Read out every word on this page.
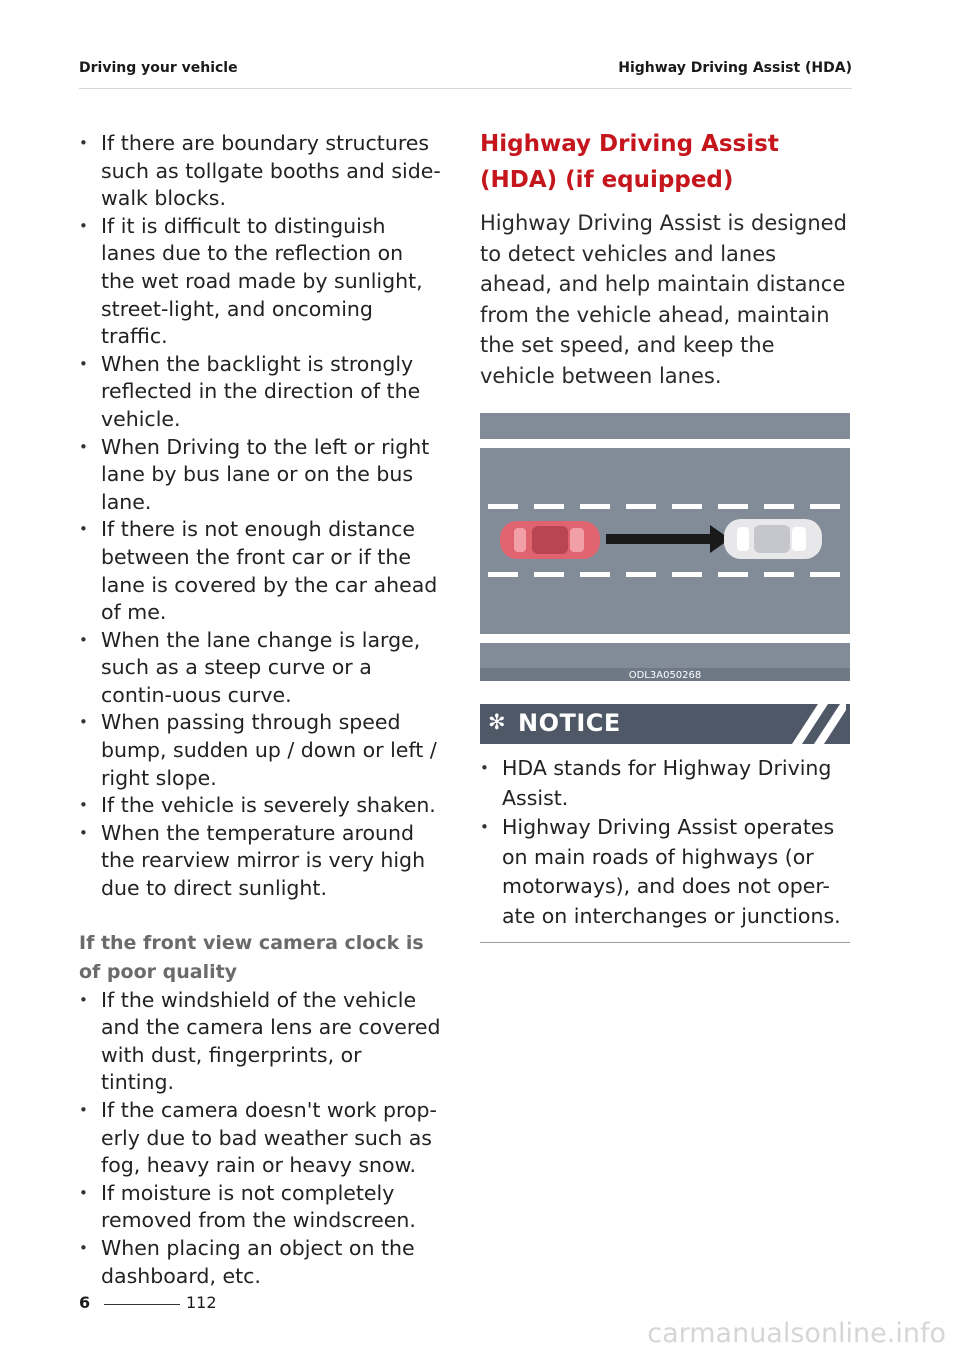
Driving your vehicle	Highway Driving Assist (HDA)
• If there are boundary structures such as tollgate booths and side-walk blocks.
• If it is difficult to distinguish lanes due to the reflection on the wet road made by sunlight, street-light, and oncoming traffic.
• When the backlight is strongly reflected in the direction of the vehicle.
• When Driving to the left or right lane by bus lane or on the bus lane.
• If there is not enough distance between the front car or if the lane is covered by the car ahead of me.
• When the lane change is large, such as a steep curve or a contin-uous curve.
• When passing through speed bump, sudden up / down or left / right slope.
• If the vehicle is severely shaken.
• When the temperature around the rearview mirror is very high due to direct sunlight.
If the front view camera clock is of poor quality
• If the windshield of the vehicle and the camera lens are covered with dust, fingerprints, or tinting.
• If the camera doesn't work prop-erly due to bad weather such as fog, heavy rain or heavy snow.
• If moisture is not completely removed from the windscreen.
• When placing an object on the dashboard, etc.
Highway Driving Assist (HDA) (if equipped)
Highway Driving Assist is designed to detect vehicles and lanes ahead, and help maintain distance from the vehicle ahead, maintain the set speed, and keep the vehicle between lanes.
ODL3A050268
✻ NOTICE
• HDA stands for Highway Driving Assist.
• Highway Driving Assist operates on main roads of highways (or motorways), and does not oper-ate on interchanges or junctions.
6	112
carmanualsonline.info
